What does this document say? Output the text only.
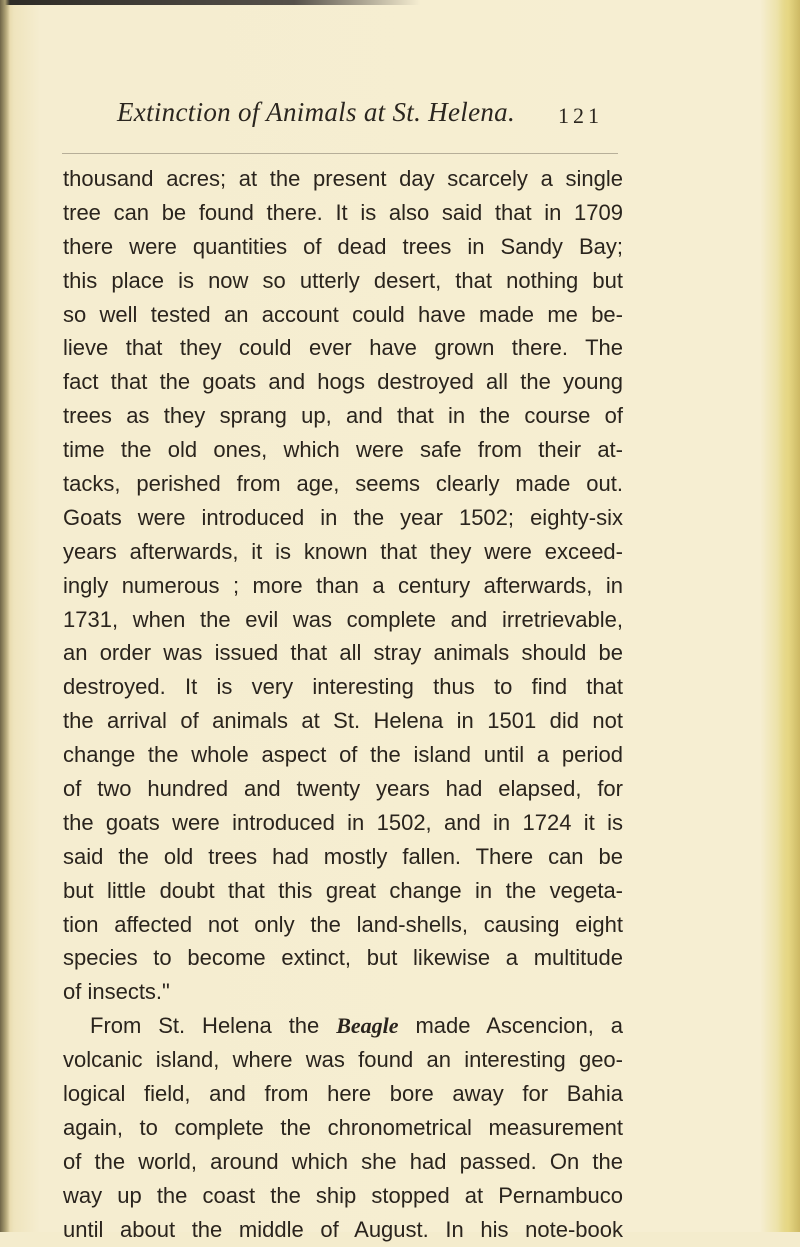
Extinction of Animals at St. Helena.	121
thousand acres; at the present day scarcely a single
tree can be found there. It is also said that in 1709
there were quantities of dead trees in Sandy Bay;
this place is now so utterly desert, that nothing but
so well tested an account could have made me be-
lieve that they could ever have grown there. The
fact that the goats and hogs destroyed all the young
trees as they sprang up, and that in the course of
time the old ones, which were safe from their at-
tacks, perished from age, seems clearly made out.
Goats were introduced in the year 1502; eighty-six
years afterwards, it is known that they were exceed-
ingly numerous ; more than a century afterwards, in
1731, when the evil was complete and irretrievable,
an order was issued that all stray animals should be
destroyed. It is very interesting thus to find that
the arrival of animals at St. Helena in 1501 did not
change the whole aspect of the island until a period
of two hundred and twenty years had elapsed, for
the goats were introduced in 1502, and in 1724 it is
said the old trees had mostly fallen. There can be
but little doubt that this great change in the vegeta-
tion affected not only the land-shells, causing eight
species to become extinct, but likewise a multitude
of insects."
From St. Helena the Beagle made Ascencion, a
volcanic island, where was found an interesting geo-
logical field, and from here bore away for Bahia
again, to complete the chronometrical measurement
of the world, around which she had passed. On the
way up the coast the ship stopped at Pernambuco
until about the middle of August. In his note-book
